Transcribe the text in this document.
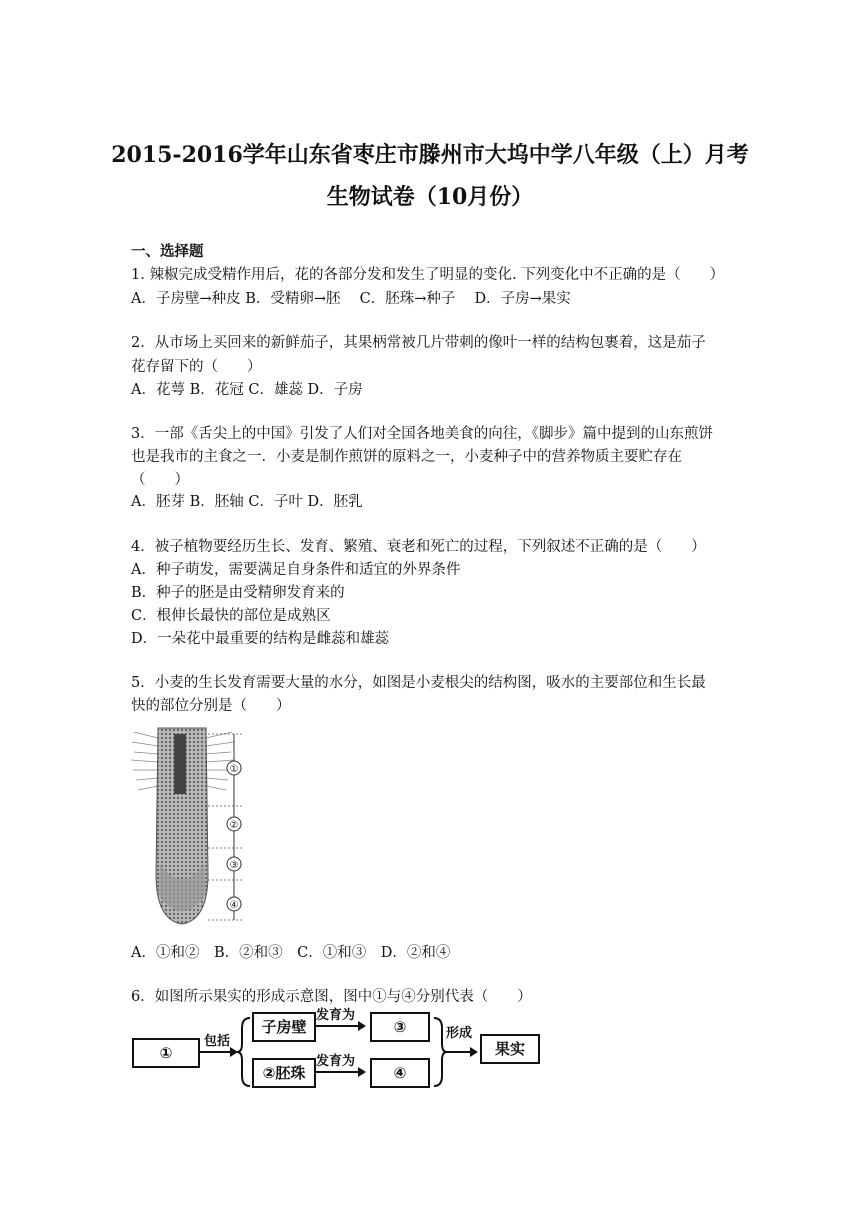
2015-2016学年山东省枣庄市滕州市大坞中学八年级（上）月考
生物试卷（10月份）
一、选择题
1. 辣椒完成受精作用后，花的各部分发和发生了明显的变化. 下列变化中不正确的是（　　）
A．子房壁→种皮 B．受精卵→胚　 C．胚珠→种子　 D．子房→果实
2．从市场上买回来的新鲜茄子，其果柄常被几片带刺的像叶一样的结构包裹着，这是茄子
花存留下的（　　）
A．花萼 B．花冠 C．雄蕊 D．子房
3．一部《舌尖上的中国》引发了人们对全国各地美食的向往，《脚步》篇中提到的山东煎饼
也是我市的主食之一．小麦是制作煎饼的原料之一，小麦种子中的营养物质主要贮存在
（　　）
A．胚芽 B．胚轴 C．子叶 D．胚乳
4．被子植物要经历生长、发育、繁殖、衰老和死亡的过程，下列叙述不正确的是（　　）
A．种子萌发，需要满足自身条件和适宜的外界条件
B．种子的胚是由受精卵发育来的
C．根伸长最快的部位是成熟区
D．一朵花中最重要的结构是雌蕊和雄蕊
5．小麦的生长发育需要大量的水分，如图是小麦根尖的结构图，吸水的主要部位和生长最
快的部位分别是（　　）
①
②
③
④
A．①和②　B．②和③　C．①和③　D．②和④
6．如图所示果实的形成示意图，图中①与④分别代表（　　）
①
包括
子房壁
②胚珠
发育为
发育为
③
④
形成
果实
